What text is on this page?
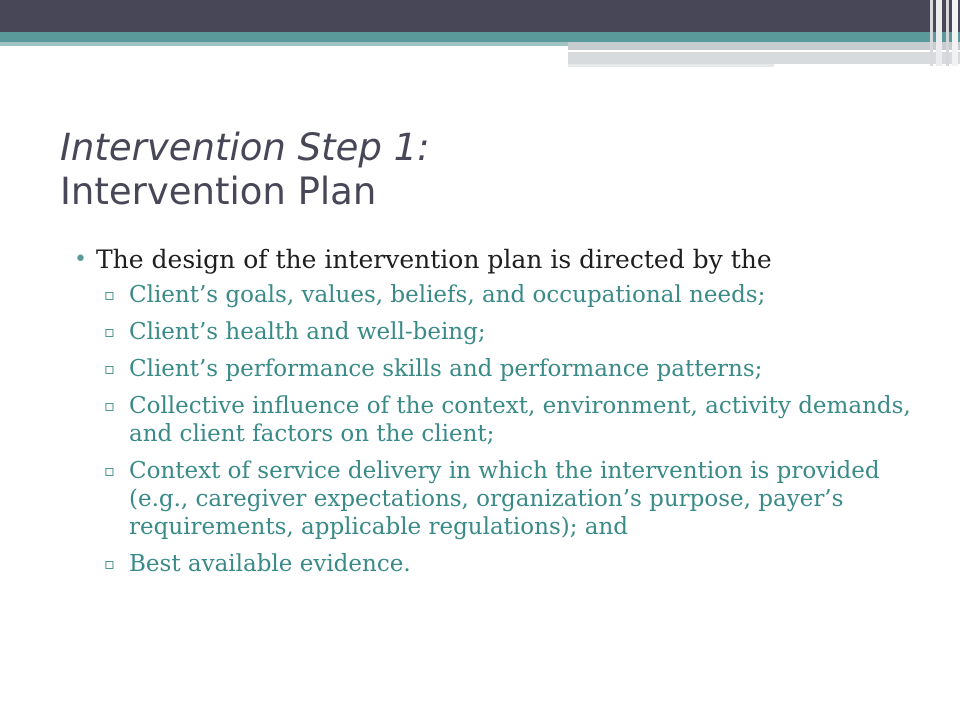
Intervention Step 1:
Intervention Plan
• The design of the intervention plan is directed by the
▫ Client’s goals, values, beliefs, and occupational needs;
▫ Client’s health and well-being;
▫ Client’s performance skills and performance patterns;
▫ Collective influence of the context, environment, activity demands, and client factors on the client;
▫ Context of service delivery in which the intervention is provided (e.g., caregiver expectations, organization’s purpose, payer’s requirements, applicable regulations); and
▫ Best available evidence.
